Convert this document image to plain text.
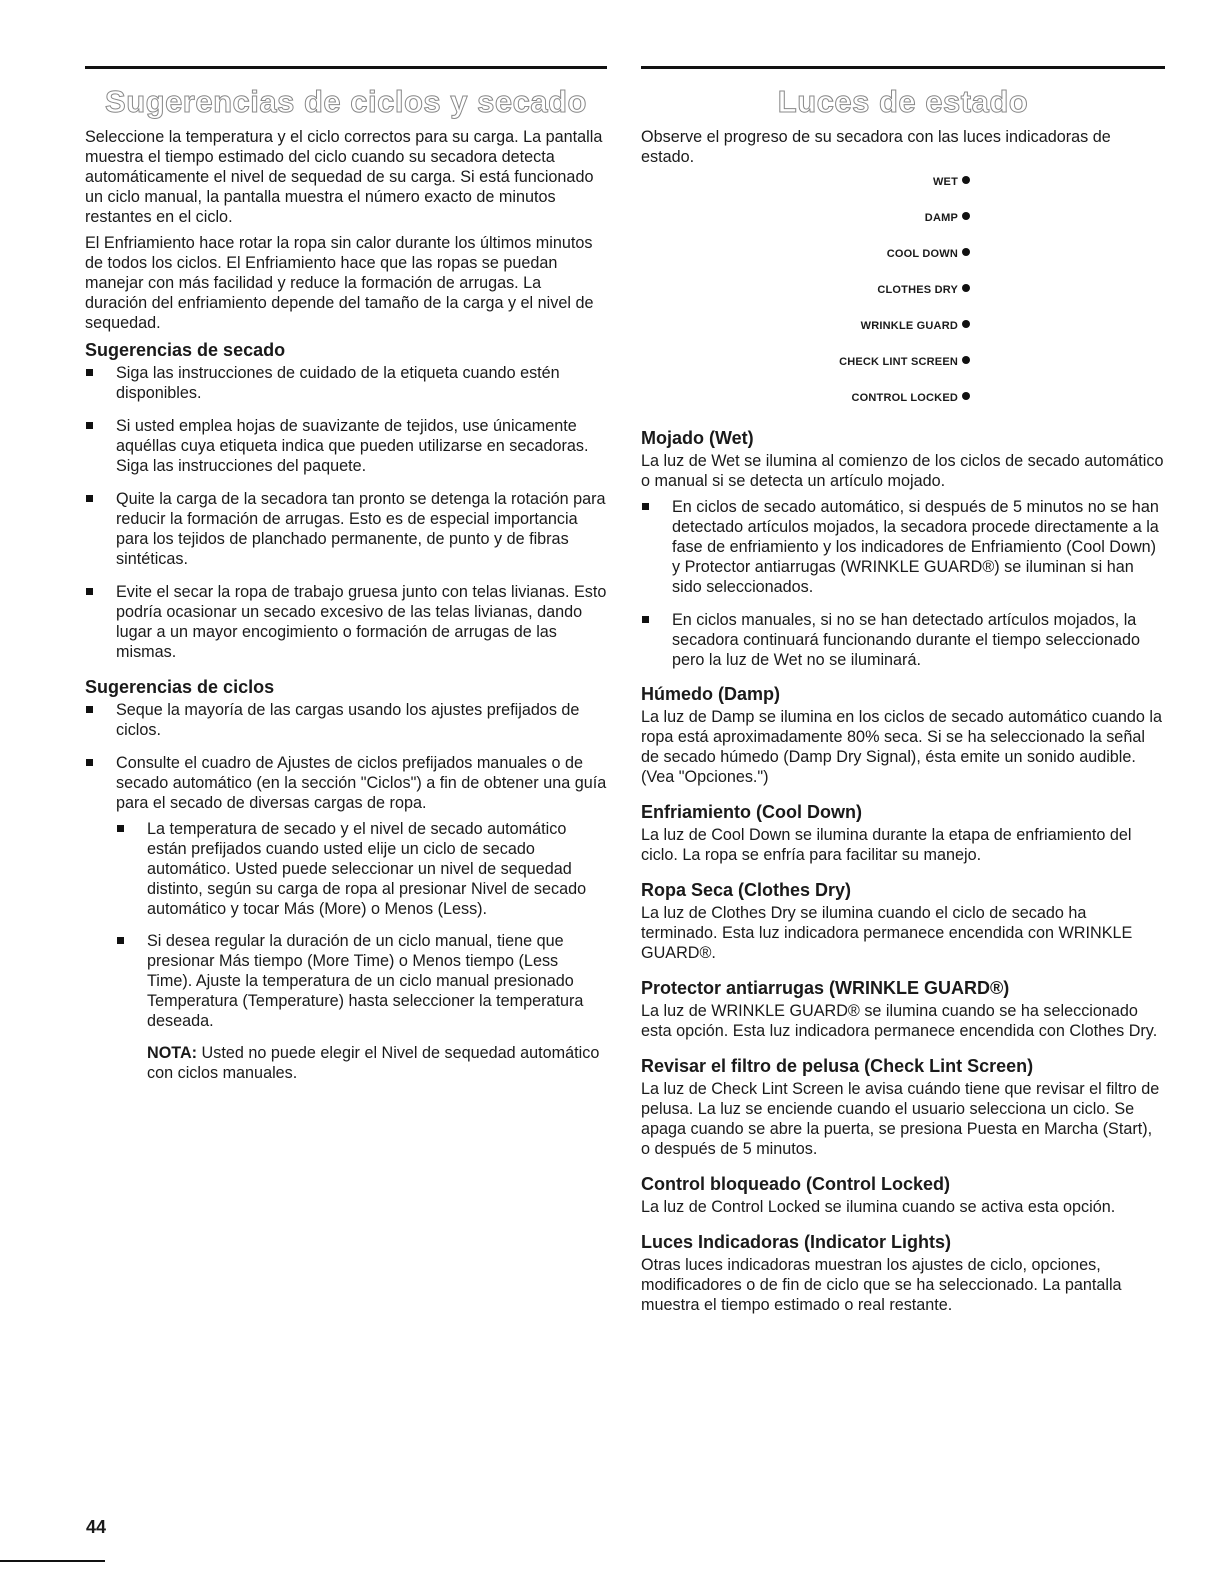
Sugerencias de ciclos y secado

Seleccione la temperatura y el ciclo correctos para su carga. La pantalla muestra el tiempo estimado del ciclo cuando su secadora detecta automáticamente el nivel de sequedad de su carga. Si está funcionado un ciclo manual, la pantalla muestra el número exacto de minutos restantes en el ciclo.

El Enfriamiento hace rotar la ropa sin calor durante los últimos minutos de todos los ciclos. El Enfriamiento hace que las ropas se puedan manejar con más facilidad y reduce la formación de arrugas. La duración del enfriamiento depende del tamaño de la carga y el nivel de sequedad.

Sugerencias de secado
Siga las instrucciones de cuidado de la etiqueta cuando estén disponibles.
Si usted emplea hojas de suavizante de tejidos, use únicamente aquéllas cuya etiqueta indica que pueden utilizarse en secadoras. Siga las instrucciones del paquete.
Quite la carga de la secadora tan pronto se detenga la rotación para reducir la formación de arrugas. Esto es de especial importancia para los tejidos de planchado permanente, de punto y de fibras sintéticas.
Evite el secar la ropa de trabajo gruesa junto con telas livianas. Esto podría ocasionar un secado excesivo de las telas livianas, dando lugar a un mayor encogimiento o formación de arrugas de las mismas.
Sugerencias de ciclos
Seque la mayoría de las cargas usando los ajustes prefijados de ciclos.
Consulte el cuadro de Ajustes de ciclos prefijados manuales o de secado automático (en la sección "Ciclos") a fin de obtener una guía para el secado de diversas cargas de ropa.
La temperatura de secado y el nivel de secado automático están prefijados cuando usted elije un ciclo de secado automático. Usted puede seleccionar un nivel de sequedad distinto, según su carga de ropa al presionar Nivel de secado automático y tocar Más (More) o Menos (Less).
Si desea regular la duración de un ciclo manual, tiene que presionar Más tiempo (More Time) o Menos tiempo (Less Time). Ajuste la temperatura de un ciclo manual presionado Temperatura (Temperature) hasta seleccioner la temperatura deseada.

NOTA: Usted no puede elegir el Nivel de sequedad automático con ciclos manuales.

Luces de estado

Observe el progreso de su secadora con las luces indicadoras de estado.

WET
DAMP
COOL DOWN
CLOTHES DRY
WRINKLE GUARD
CHECK LINT SCREEN
CONTROL LOCKED
Mojado (Wet)

La luz de Wet se ilumina al comienzo de los ciclos de secado automático o manual si se detecta un artículo mojado.

En ciclos de secado automático, si después de 5 minutos no se han detectado artículos mojados, la secadora procede directamente a la fase de enfriamiento y los indicadores de Enfriamiento (Cool Down) y Protector antiarrugas (WRINKLE GUARD®) se iluminan si han sido seleccionados.
En ciclos manuales, si no se han detectado artículos mojados, la secadora continuará funcionando durante el tiempo seleccionado pero la luz de Wet no se iluminará.
Húmedo (Damp)

La luz de Damp se ilumina en los ciclos de secado automático cuando la ropa está aproximadamente 80% seca. Si se ha seleccionado la señal de secado húmedo (Damp Dry Signal), ésta emite un sonido audible. (Vea "Opciones.")

Enfriamiento (Cool Down)

La luz de Cool Down se ilumina durante la etapa de enfriamiento del ciclo. La ropa se enfría para facilitar su manejo.

Ropa Seca (Clothes Dry)

La luz de Clothes Dry se ilumina cuando el ciclo de secado ha terminado. Esta luz indicadora permanece encendida con WRINKLE GUARD®.

Protector antiarrugas (WRINKLE GUARD®)

La luz de WRINKLE GUARD® se ilumina cuando se ha seleccionado esta opción. Esta luz indicadora permanece encendida con Clothes Dry.

Revisar el filtro de pelusa (Check Lint Screen)

La luz de Check Lint Screen le avisa cuándo tiene que revisar el filtro de pelusa. La luz se enciende cuando el usuario selecciona un ciclo. Se apaga cuando se abre la puerta, se presiona Puesta en Marcha (Start), o después de 5 minutos.

Control bloqueado (Control Locked)

La luz de Control Locked se ilumina cuando se activa esta opción.

Luces Indicadoras (Indicator Lights)

Otras luces indicadoras muestran los ajustes de ciclo, opciones, modificadores o de fin de ciclo que se ha seleccionado. La pantalla muestra el tiempo estimado o real restante.

44
